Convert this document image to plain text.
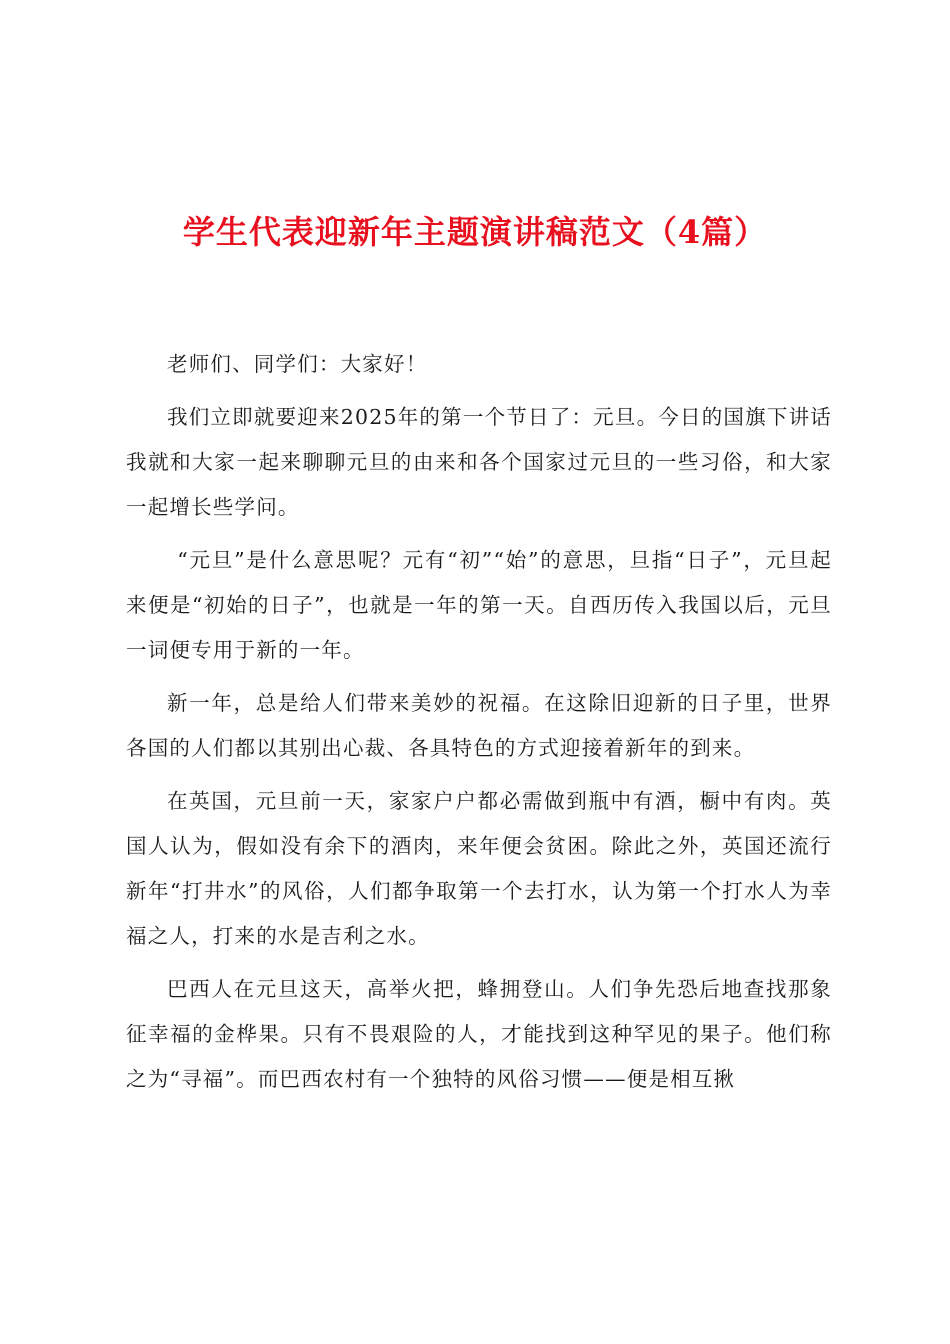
学生代表迎新年主题演讲稿范文（4篇）

老师们、同学们：大家好！

我们立即就要迎来2025年的第一个节日了：元旦。今日的国旗下讲话我就和大家一起来聊聊元旦的由来和各个国家过元旦的一些习俗，和大家一起增长些学问。

“元旦”是什么意思呢？元有“初”“始”的意思，旦指“日子”，元旦起来便是“初始的日子”，也就是一年的第一天。自西历传入我国以后，元旦一词便专用于新的一年。

新一年，总是给人们带来美妙的祝福。在这除旧迎新的日子里，世界各国的人们都以其别出心裁、各具特色的方式迎接着新年的到来。

在英国，元旦前一天，家家户户都必需做到瓶中有酒，橱中有肉。英国人认为，假如没有余下的酒肉，来年便会贫困。除此之外，英国还流行新年“打井水”的风俗，人们都争取第一个去打水，认为第一个打水人为幸福之人，打来的水是吉利之水。

巴西人在元旦这天，高举火把，蜂拥登山。人们争先恐后地查找那象征幸福的金桦果。只有不畏艰险的人，才能找到这种罕见的果子。他们称之为“寻福”。而巴西农村有一个独特的风俗习惯——便是相互揪
